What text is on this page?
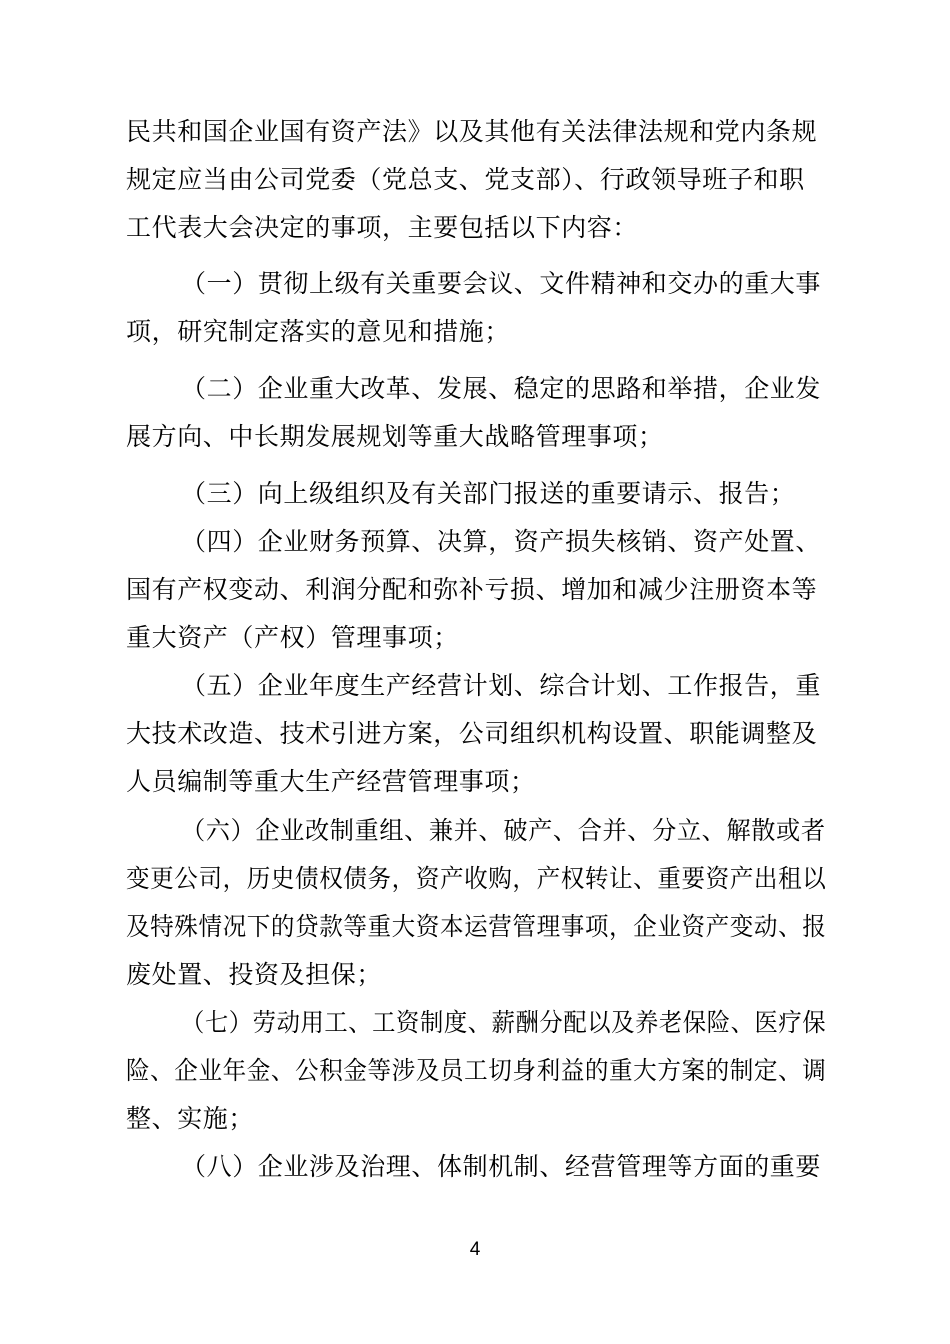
民共和国企业国有资产法》以及其他有关法律法规和党内条规
规定应当由公司党委（党总支、党支部）、行政领导班子和职
工代表大会决定的事项，主要包括以下内容：
（一）贯彻上级有关重要会议、文件精神和交办的重大事
项，研究制定落实的意见和措施；
（二）企业重大改革、发展、稳定的思路和举措，企业发
展方向、中长期发展规划等重大战略管理事项；
（三）向上级组织及有关部门报送的重要请示、报告；
（四）企业财务预算、决算，资产损失核销、资产处置、
国有产权变动、利润分配和弥补亏损、增加和减少注册资本等
重大资产（产权）管理事项；
（五）企业年度生产经营计划、综合计划、工作报告，重
大技术改造、技术引进方案，公司组织机构设置、职能调整及
人员编制等重大生产经营管理事项；
（六）企业改制重组、兼并、破产、合并、分立、解散或者
变更公司，历史债权债务，资产收购，产权转让、重要资产出租以
及特殊情况下的贷款等重大资本运营管理事项，企业资产变动、报
废处置、投资及担保；
（七）劳动用工、工资制度、薪酬分配以及养老保险、医疗保
险、企业年金、公积金等涉及员工切身利益的重大方案的制定、调
整、实施；
（八）企业涉及治理、体制机制、经营管理等方面的重要
4
